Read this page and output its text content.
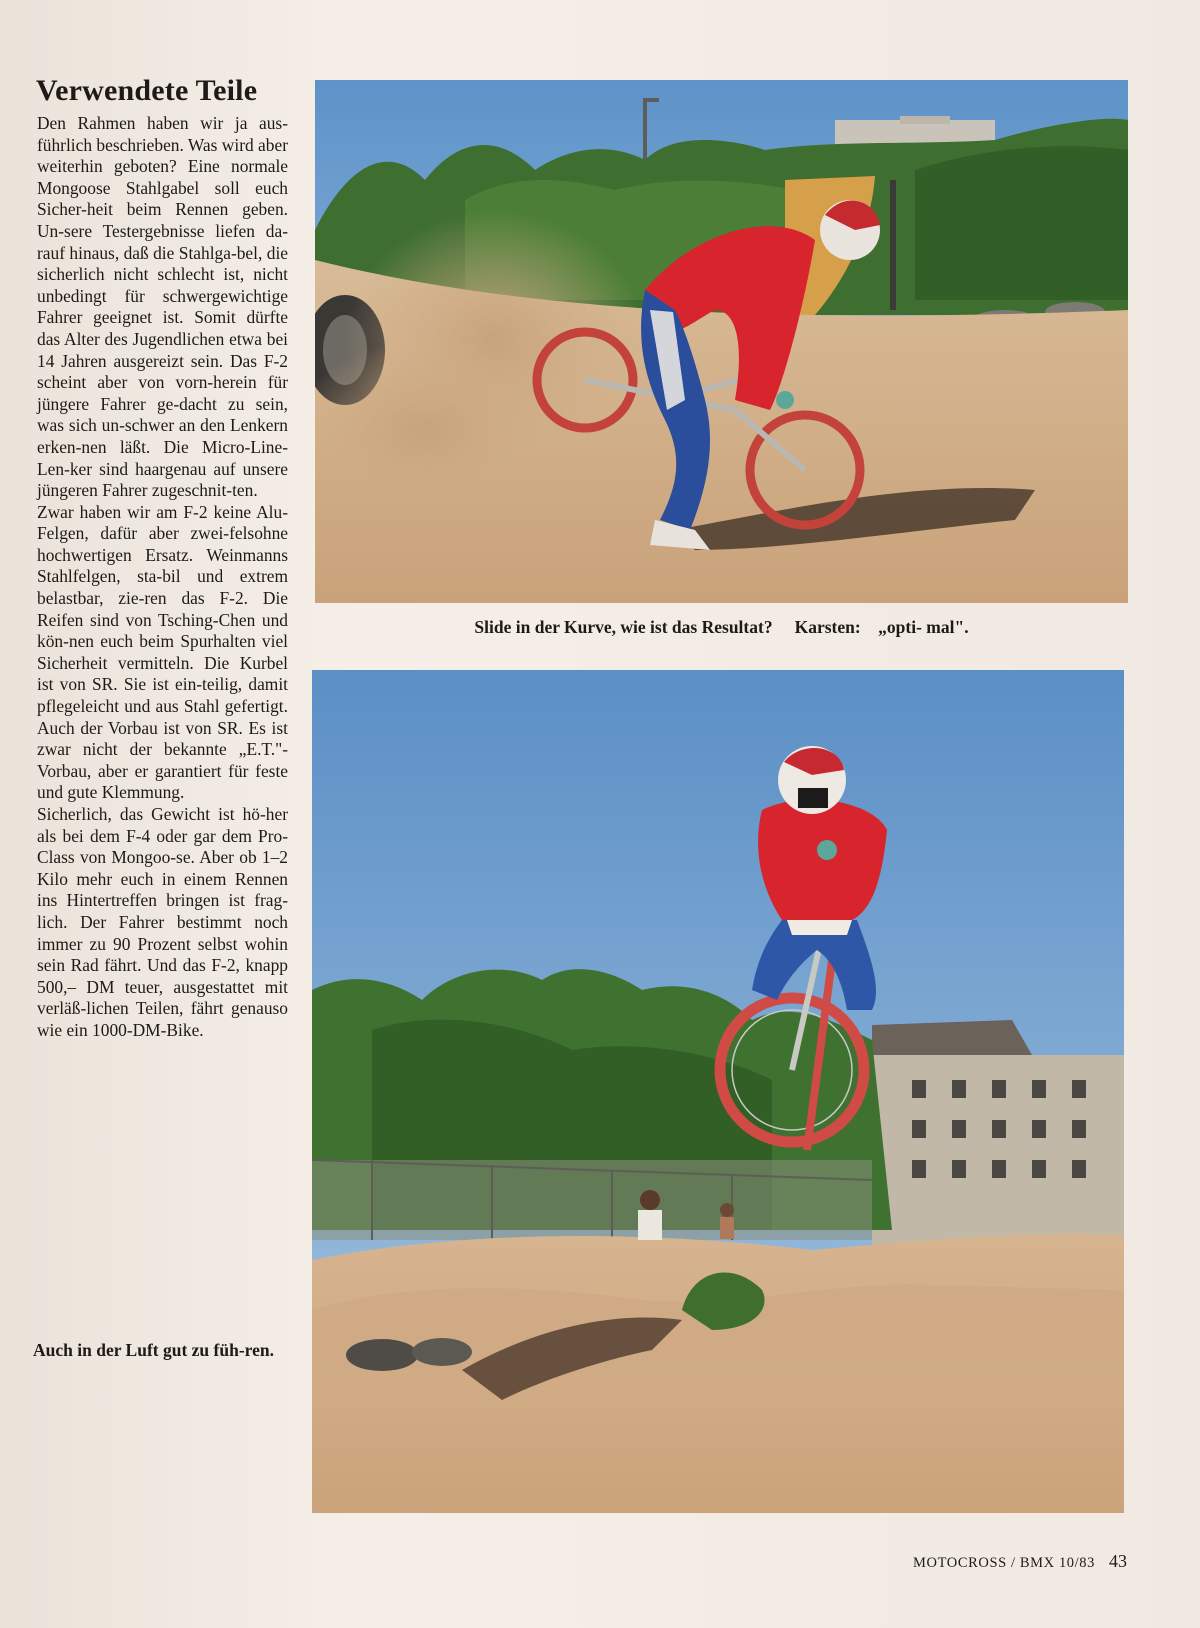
Verwendete Teile

Den Rahmen haben wir ja aus-führlich beschrieben. Was wird aber weiterhin geboten? Eine normale Mongoose Stahlgabel soll euch Sicher-heit beim Rennen geben. Un-sere Testergebnisse liefen da-rauf hinaus, daß die Stahlga-bel, die sicherlich nicht schlecht ist, nicht unbedingt für schwergewichtige Fahrer geeignet ist. Somit dürfte das Alter des Jugendlichen etwa bei 14 Jahren ausgereizt sein. Das F-2 scheint aber von vorn-herein für jüngere Fahrer ge-dacht zu sein, was sich un-schwer an den Lenkern erken-nen läßt. Die Micro-Line-Len-ker sind haargenau auf unsere jüngeren Fahrer zugeschnit-ten.

Zwar haben wir am F-2 keine Alu-Felgen, dafür aber zwei-felsohne hochwertigen Ersatz. Weinmanns Stahlfelgen, sta-bil und extrem belastbar, zie-ren das F-2. Die Reifen sind von Tsching-Chen und kön-nen euch beim Spurhalten viel Sicherheit vermitteln. Die Kurbel ist von SR. Sie ist ein-teilig, damit pflegeleicht und aus Stahl gefertigt. Auch der Vorbau ist von SR. Es ist zwar nicht der bekannte „E.T."-Vorbau, aber er garantiert für feste und gute Klemmung.

Sicherlich, das Gewicht ist hö-her als bei dem F-4 oder gar dem Pro-Class von Mongoo-se. Aber ob 1–2 Kilo mehr euch in einem Rennen ins Hintertreffen bringen ist frag-lich. Der Fahrer bestimmt noch immer zu 90 Prozent selbst wohin sein Rad fährt. Und das F-2, knapp 500,– DM teuer, ausgestattet mit verläß-lichen Teilen, fährt genauso wie ein 1000-DM-Bike.

Slide in der Kurve, wie ist das Resultat? Karsten:    „opti- mal".
Auch in der Luft gut zu füh-ren.
MOTOCROSS / BMX 10/83 43
